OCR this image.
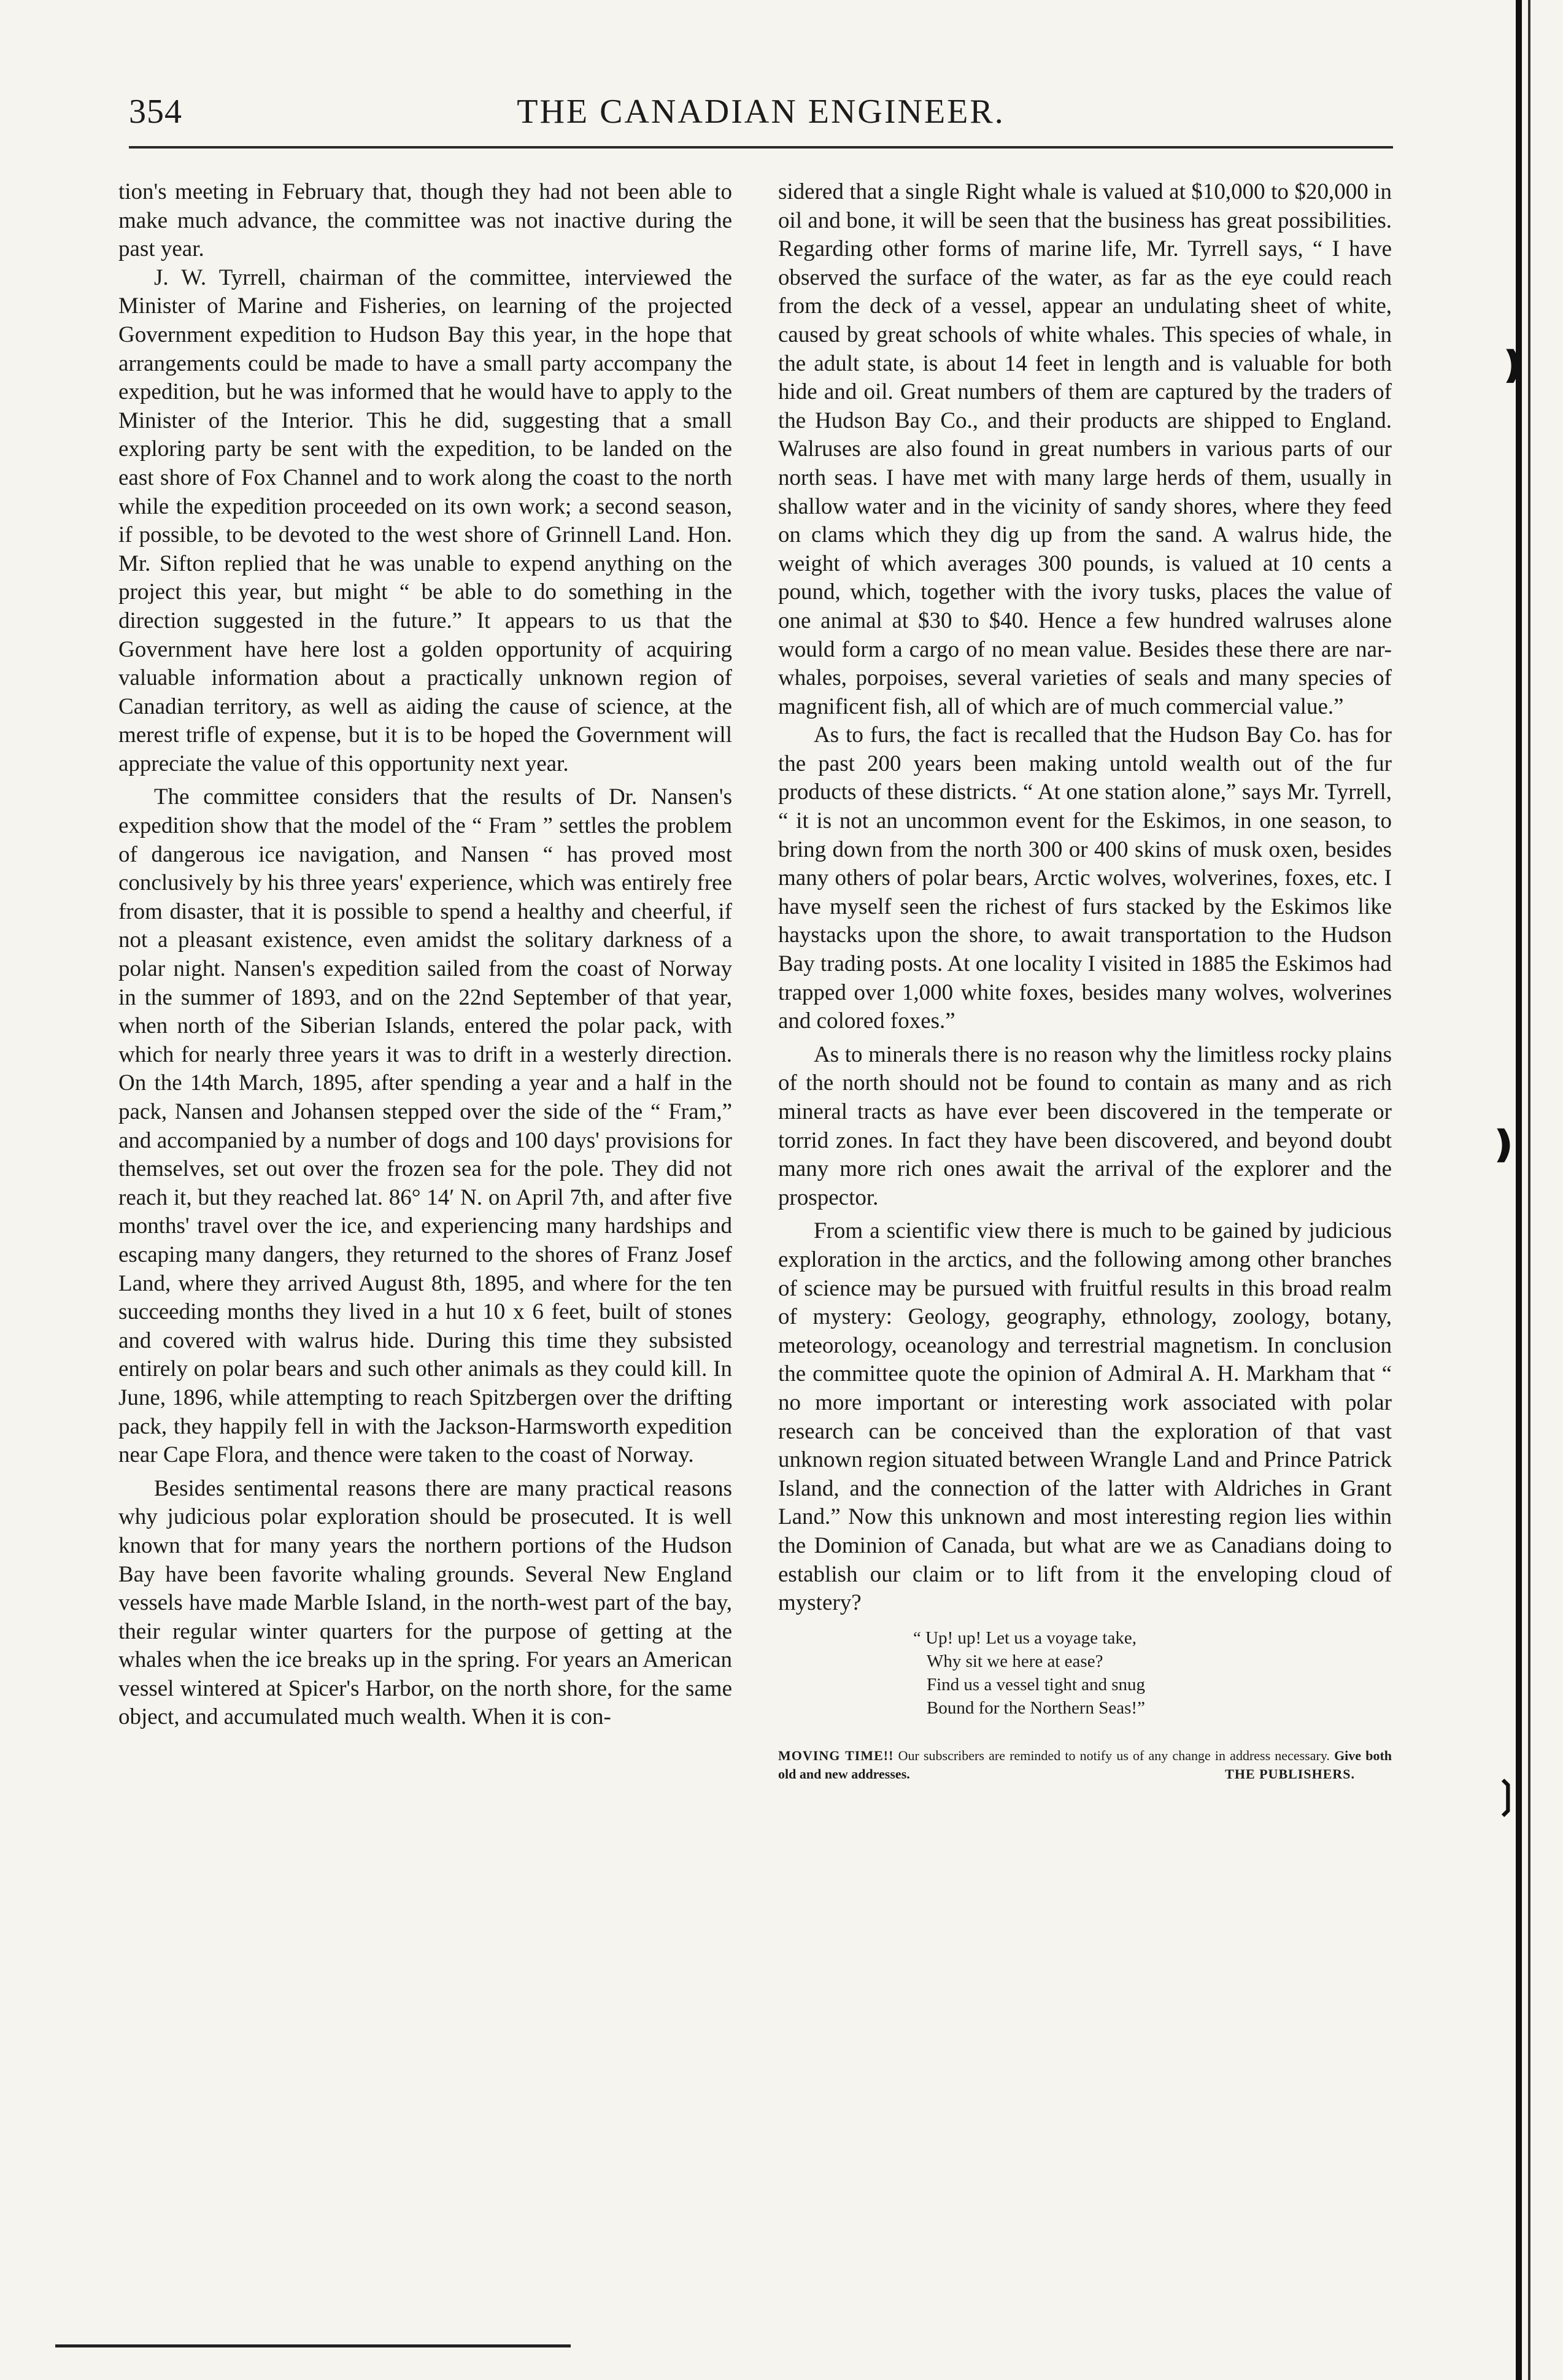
354	THE CANADIAN ENGINEER.

tion's meeting in February that, though they had not been able to make much advance, the committee was not inactive during the past year.

J. W. Tyrrell, chairman of the committee, interviewed the Minister of Marine and Fisheries, on learning of the projected Government expedition to Hudson Bay this year, in the hope that arrangements could be made to have a small party accompany the expedition, but he was informed that he would have to apply to the Minister of the Interior. This he did, suggesting that a small exploring party be sent with the expedition, to be landed on the east shore of Fox Channel and to work along the coast to the north while the expedition proceeded on its own work; a second season, if possible, to be devoted to the west shore of Grinnell Land. Hon. Mr. Sifton replied that he was unable to expend anything on the project this year, but might “ be able to do something in the direction suggested in the future.” It appears to us that the Government have here lost a golden opportunity of acquiring valuable information about a practically unknown region of Canadian territory, as well as aiding the cause of science, at the merest trifle of expense, but it is to be hoped the Government will appreciate the value of this opportunity next year.

The committee considers that the results of Dr. Nansen's expedition show that the model of the “ Fram ” settles the problem of dangerous ice navigation, and Nansen “ has proved most conclusively by his three years' experience, which was entirely free from disaster, that it is possible to spend a healthy and cheerful, if not a pleasant existence, even amidst the solitary darkness of a polar night. Nansen's expedition sailed from the coast of Norway in the summer of 1893, and on the 22nd September of that year, when north of the Siberian Islands, entered the polar pack, with which for nearly three years it was to drift in a westerly direction. On the 14th March, 1895, after spending a year and a half in the pack, Nansen and Johansen stepped over the side of the “ Fram,” and accompanied by a number of dogs and 100 days' provisions for themselves, set out over the frozen sea for the pole. They did not reach it, but they reached lat. 86° 14′ N. on April 7th, and after five months' travel over the ice, and experiencing many hardships and escaping many dangers, they returned to the shores of Franz Josef Land, where they arrived August 8th, 1895, and where for the ten succeeding months they lived in a hut 10 x 6 feet, built of stones and covered with walrus hide. During this time they subsisted entirely on polar bears and such other animals as they could kill. In June, 1896, while attempting to reach Spitzbergen over the drifting pack, they happily fell in with the Jackson-Harmsworth expedition near Cape Flora, and thence were taken to the coast of Norway.

Besides sentimental reasons there are many practical reasons why judicious polar exploration should be prosecuted. It is well known that for many years the northern portions of the Hudson Bay have been favorite whaling grounds. Several New England vessels have made Marble Island, in the north-west part of the bay, their regular winter quarters for the purpose of getting at the whales when the ice breaks up in the spring. For years an American vessel wintered at Spicer's Harbor, on the north shore, for the same object, and accumulated much wealth. When it is con-

sidered that a single Right whale is valued at $10,000 to $20,000 in oil and bone, it will be seen that the business has great possibilities. Regarding other forms of marine life, Mr. Tyrrell says, “ I have observed the surface of the water, as far as the eye could reach from the deck of a vessel, appear an undulating sheet of white, caused by great schools of white whales. This species of whale, in the adult state, is about 14 feet in length and is valuable for both hide and oil. Great numbers of them are captured by the traders of the Hudson Bay Co., and their products are shipped to England. Walruses are also found in great numbers in various parts of our north seas. I have met with many large herds of them, usually in shallow water and in the vicinity of sandy shores, where they feed on clams which they dig up from the sand. A walrus hide, the weight of which averages 300 pounds, is valued at 10 cents a pound, which, together with the ivory tusks, places the value of one animal at $30 to $40. Hence a few hundred walruses alone would form a cargo of no mean value. Besides these there are nar-whales, porpoises, several varieties of seals and many species of magnificent fish, all of which are of much commercial value.”

As to furs, the fact is recalled that the Hudson Bay Co. has for the past 200 years been making untold wealth out of the fur products of these districts. “ At one station alone,” says Mr. Tyrrell, “ it is not an uncommon event for the Eskimos, in one season, to bring down from the north 300 or 400 skins of musk oxen, besides many others of polar bears, Arctic wolves, wolverines, foxes, etc. I have myself seen the richest of furs stacked by the Eskimos like haystacks upon the shore, to await transportation to the Hudson Bay trading posts. At one locality I visited in 1885 the Eskimos had trapped over 1,000 white foxes, besides many wolves, wolverines and colored foxes.”

As to minerals there is no reason why the limitless rocky plains of the north should not be found to contain as many and as rich mineral tracts as have ever been discovered in the temperate or torrid zones. In fact they have been discovered, and beyond doubt many more rich ones await the arrival of the explorer and the prospector.

From a scientific view there is much to be gained by judicious exploration in the arctics, and the following among other branches of science may be pursued with fruitful results in this broad realm of mystery: Geology, geography, ethnology, zoology, botany, meteorology, oceanology and terrestrial magnetism. In conclusion the committee quote the opinion of Admiral A. H. Markham that “ no more important or interesting work associated with polar research can be conceived than the exploration of that vast unknown region situated between Wrangle Land and Prince Patrick Island, and the connection of the latter with Aldriches in Grant Land.” Now this unknown and most interesting region lies within the Dominion of Canada, but what are we as Canadians doing to establish our claim or to lift from it the enveloping cloud of mystery?

“ Up! up! Let us a voyage take,
Why sit we here at ease?
Find us a vessel tight and snug
Bound for the Northern Seas!”
MOVING TIME!! Our subscribers are reminded to notify us of any change in address necessary. Give both old and new addresses.	THE PUBLISHERS.
❫
❫
❳
